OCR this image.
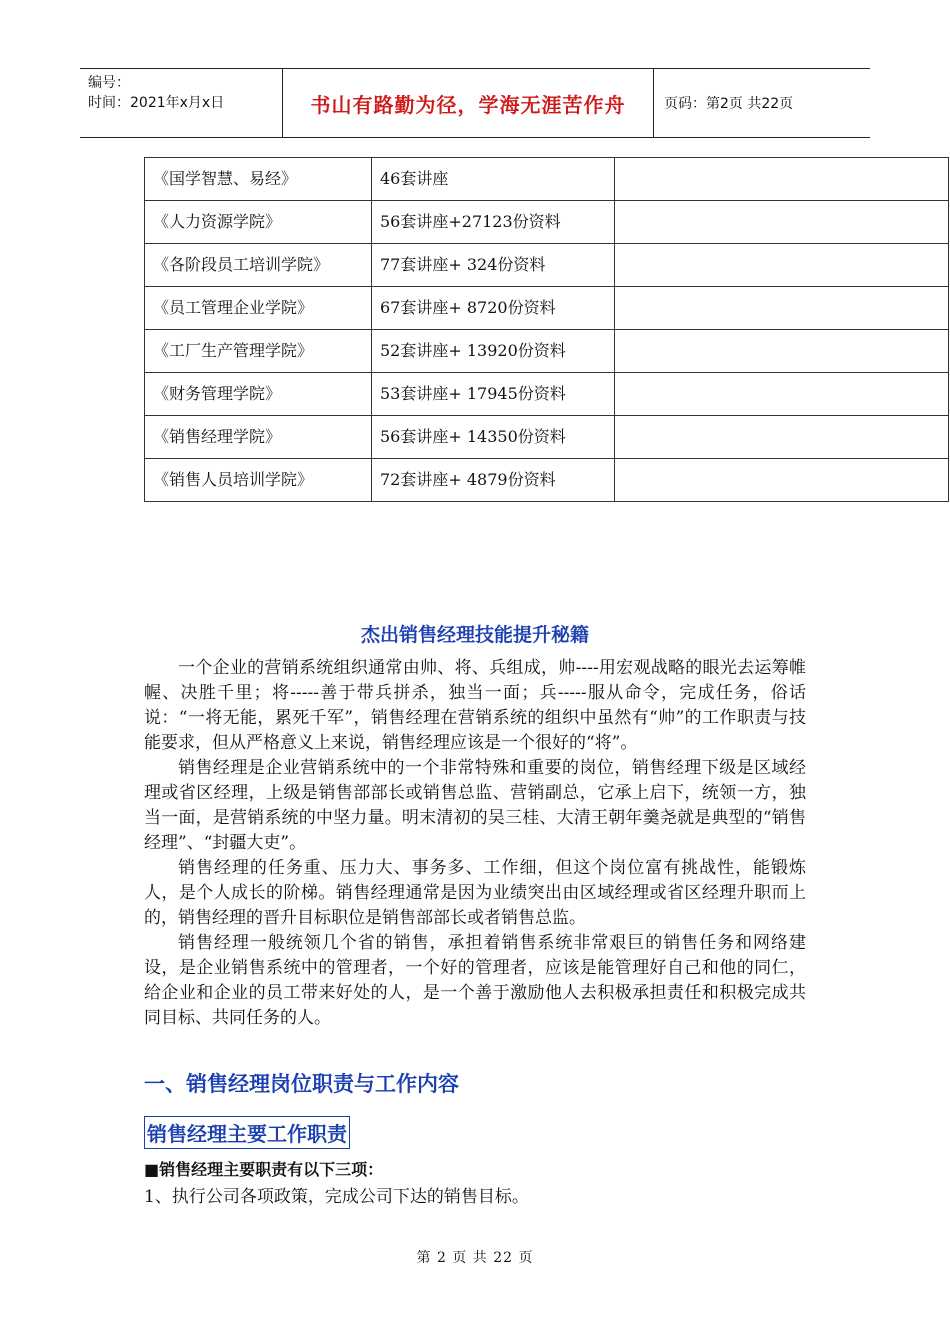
编号：
时间：2021年x月x日	书山有路勤为径，学海无涯苦作舟	页码：第2页 共22页
《国学智慧、易经》	46套讲座	
《人力资源学院》	56套讲座+27123份资料	
《各阶段员工培训学院》	77套讲座+ 324份资料	
《员工管理企业学院》	67套讲座+ 8720份资料	
《工厂生产管理学院》	52套讲座+ 13920份资料	
《财务管理学院》	53套讲座+ 17945份资料	
《销售经理学院》	56套讲座+ 14350份资料	
《销售人员培训学院》	72套讲座+ 4879份资料	
杰出销售经理技能提升秘籍

一个企业的营销系统组织通常由帅、将、兵组成，帅----用宏观战略的眼光去运筹帷幄、决胜千里；将-----善于带兵拼杀，独当一面；兵-----服从命令，完成任务，俗话说：“一将无能，累死千军”，销售经理在营销系统的组织中虽然有“帅”的工作职责与技能要求，但从严格意义上来说，销售经理应该是一个很好的“将”。

销售经理是企业营销系统中的一个非常特殊和重要的岗位，销售经理下级是区域经理或省区经理，上级是销售部部长或销售总监、营销副总，它承上启下，统领一方，独当一面，是营销系统的中坚力量。明末清初的吴三桂、大清王朝年羹尧就是典型的“销售经理”、“封疆大吏”。

销售经理的任务重、压力大、事务多、工作细，但这个岗位富有挑战性，能锻炼人，是个人成长的阶梯。销售经理通常是因为业绩突出由区域经理或省区经理升职而上的，销售经理的晋升目标职位是销售部部长或者销售总监。

销售经理一般统领几个省的销售，承担着销售系统非常艰巨的销售任务和网络建设，是企业销售系统中的管理者，一个好的管理者，应该是能管理好自己和他的同仁，给企业和企业的员工带来好处的人，是一个善于激励他人去积极承担责任和积极完成共同目标、共同任务的人。

一、销售经理岗位职责与工作内容
销售经理主要工作职责
■销售经理主要职责有以下三项：
1、执行公司各项政策，完成公司下达的销售目标。
第 2 页 共 22 页
